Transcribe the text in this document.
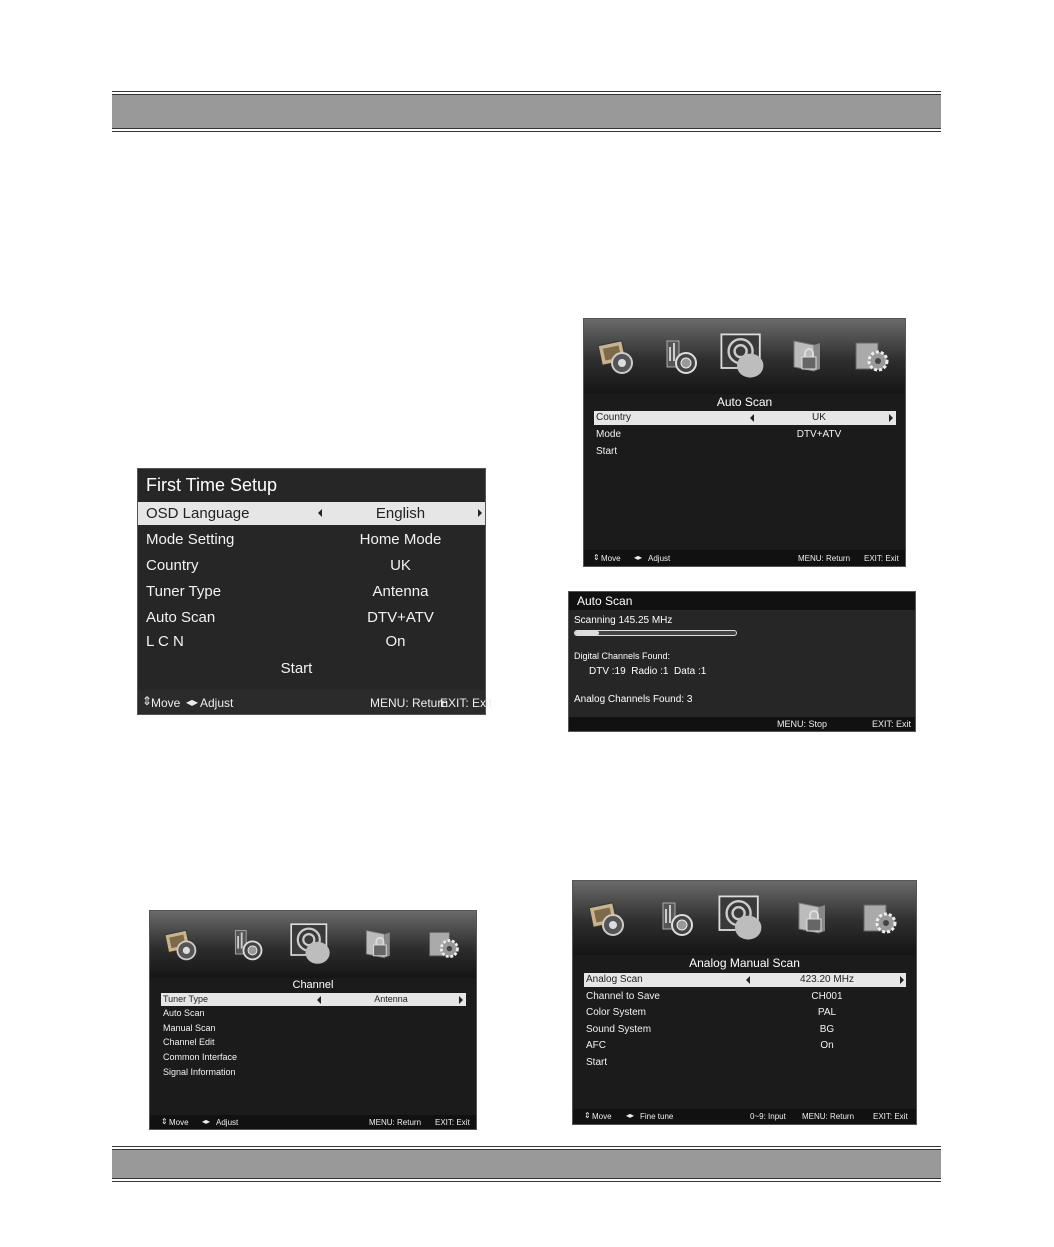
First Time Setup
OSD Language	English
Mode Setting	Home Mode
Country	UK
Tuner Type	Antenna
Auto Scan	DTV+ATV
L C N	On
Start
⇕
Move ◂▸ Adjust	MENU: Return
EXIT: Exit
Auto Scan
Country	UK
Mode	DTV+ATV
Start
⇕ Move ◂▸ Adjust	MENU: Return EXIT: Exit
Auto Scan
Scanning 145.25 MHz
Digital Channels Found:
DTV :19  Radio :1  Data :1
Analog Channels Found: 3
MENU: Stop	EXIT: Exit
Channel
Tuner Type	Antenna
Auto Scan
Manual Scan
Channel Edit
Common Interface
Signal Information
⇕ Move ◂▸ Adjust	MENU: Return EXIT: Exit
Analog Manual Scan
Analog Scan	423.20 MHz
Channel to Save	CH001
Color System	PAL
Sound System	BG
AFC	On
Start
⇕ Move ◂▸ Fine tune	0~9: Input MENU: Return EXIT: Exit
